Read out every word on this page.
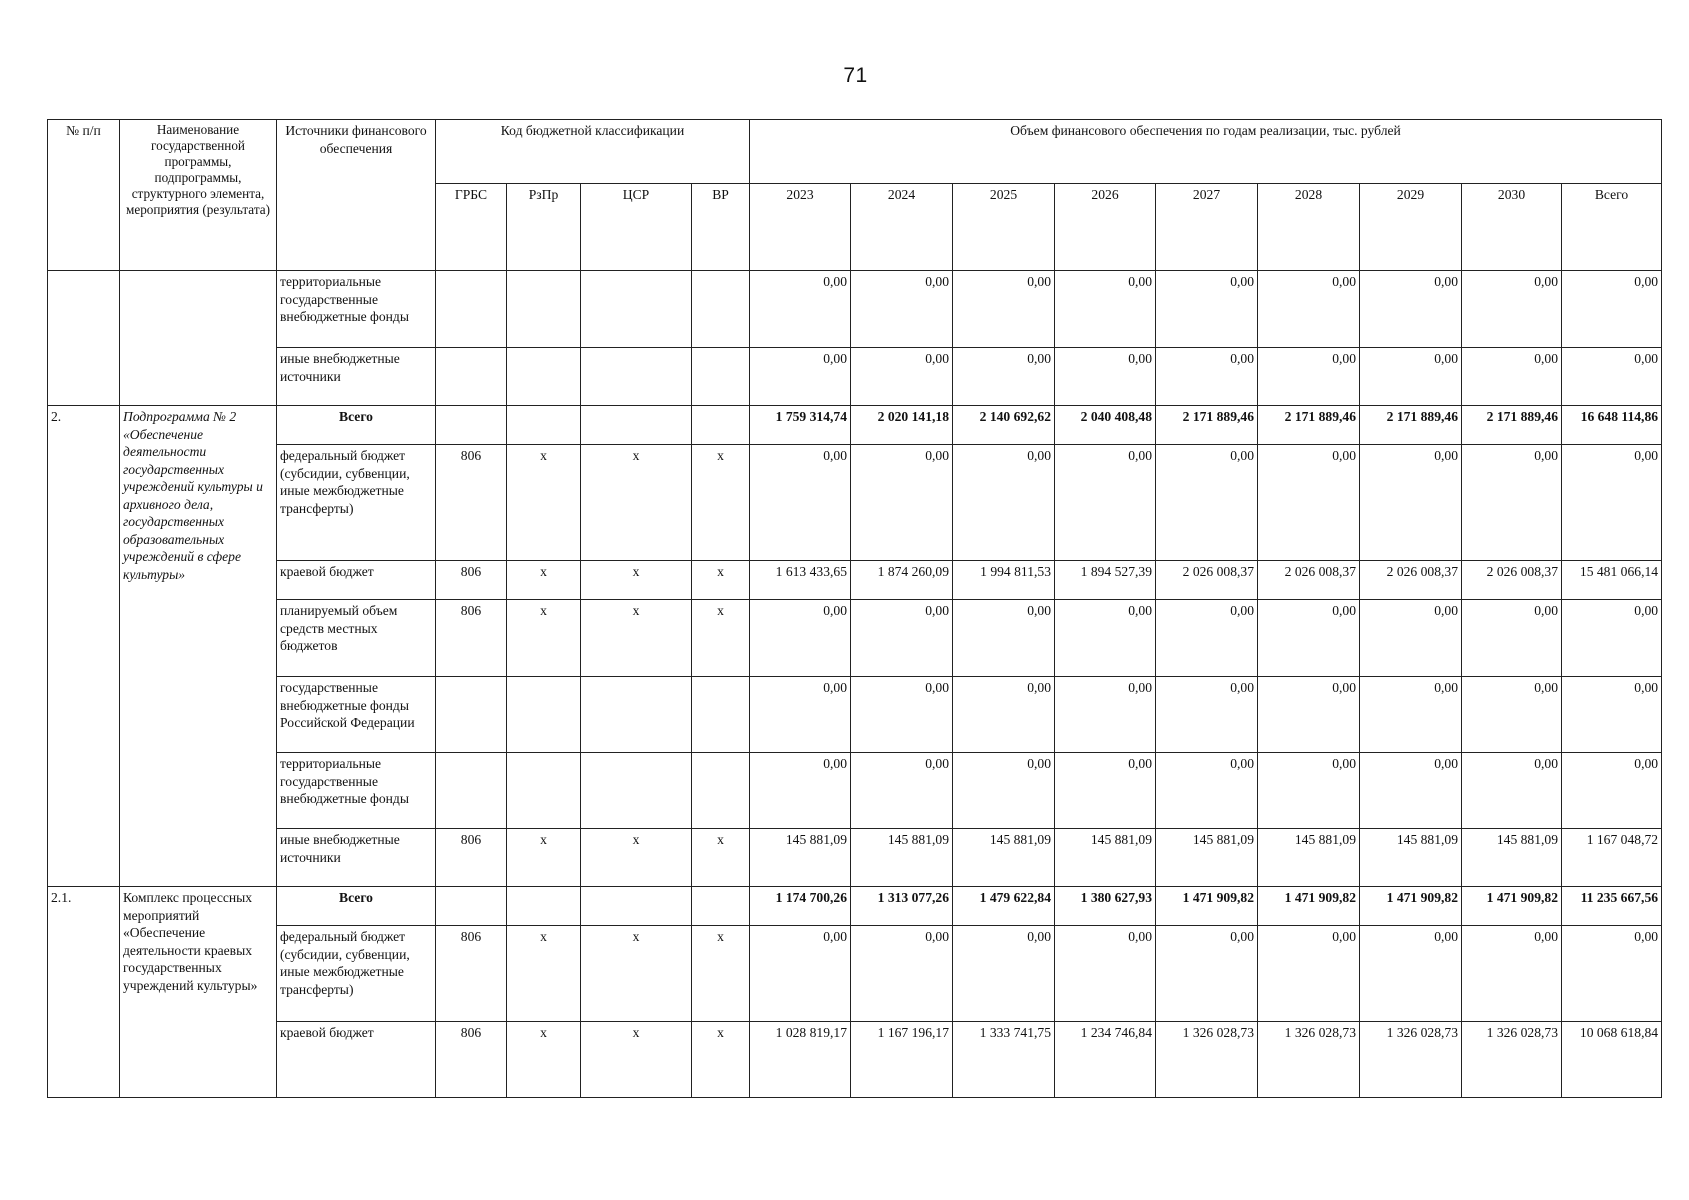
71
№ п/п	Наименование государственной программы, подпрограммы, структурного элемента, мероприятия (результата)	Источники финансового обеспечения	Код бюджетной классификации				Объем финансового обеспечения по годам реализации, тыс. рублей								
			ГРБС	РзПр	ЦСР	ВР	2023	2024	2025	2026	2027	2028	2029	2030	Всего
		территориальные государственные внебюджетные фонды					0,00	0,00	0,00	0,00	0,00	0,00	0,00	0,00	0,00
		иные внебюджетные источники					0,00	0,00	0,00	0,00	0,00	0,00	0,00	0,00	0,00
2.	Подпрограмма № 2 «Обеспечение деятельности государственных учреждений культуры и архивного дела, государственных образовательных учреждений в сфере культуры»	Всего					1 759 314,74	2 020 141,18	2 140 692,62	2 040 408,48	2 171 889,46	2 171 889,46	2 171 889,46	2 171 889,46	16 648 114,86
		федеральный бюджет (субсидии, субвенции, иные межбюджетные трансферты)	806	х	х	х	0,00	0,00	0,00	0,00	0,00	0,00	0,00	0,00	0,00
		краевой бюджет	806	х	х	х	1 613 433,65	1 874 260,09	1 994 811,53	1 894 527,39	2 026 008,37	2 026 008,37	2 026 008,37	2 026 008,37	15 481 066,14
		планируемый объем средств местных бюджетов	806	х	х	х	0,00	0,00	0,00	0,00	0,00	0,00	0,00	0,00	0,00
		государственные внебюджетные фонды Российской Федерации					0,00	0,00	0,00	0,00	0,00	0,00	0,00	0,00	0,00
		территориальные государственные внебюджетные фонды					0,00	0,00	0,00	0,00	0,00	0,00	0,00	0,00	0,00
		иные внебюджетные источники	806	х	х	х	145 881,09	145 881,09	145 881,09	145 881,09	145 881,09	145 881,09	145 881,09	145 881,09	1 167 048,72
2.1.	Комплекс процессных мероприятий «Обеспечение деятельности краевых государственных учреждений культуры»	Всего					1 174 700,26	1 313 077,26	1 479 622,84	1 380 627,93	1 471 909,82	1 471 909,82	1 471 909,82	1 471 909,82	11 235 667,56
		федеральный бюджет (субсидии, субвенции, иные межбюджетные трансферты)	806	х	х	х	0,00	0,00	0,00	0,00	0,00	0,00	0,00	0,00	0,00
		краевой бюджет	806	х	х	х	1 028 819,17	1 167 196,17	1 333 741,75	1 234 746,84	1 326 028,73	1 326 028,73	1 326 028,73	1 326 028,73	10 068 618,84
